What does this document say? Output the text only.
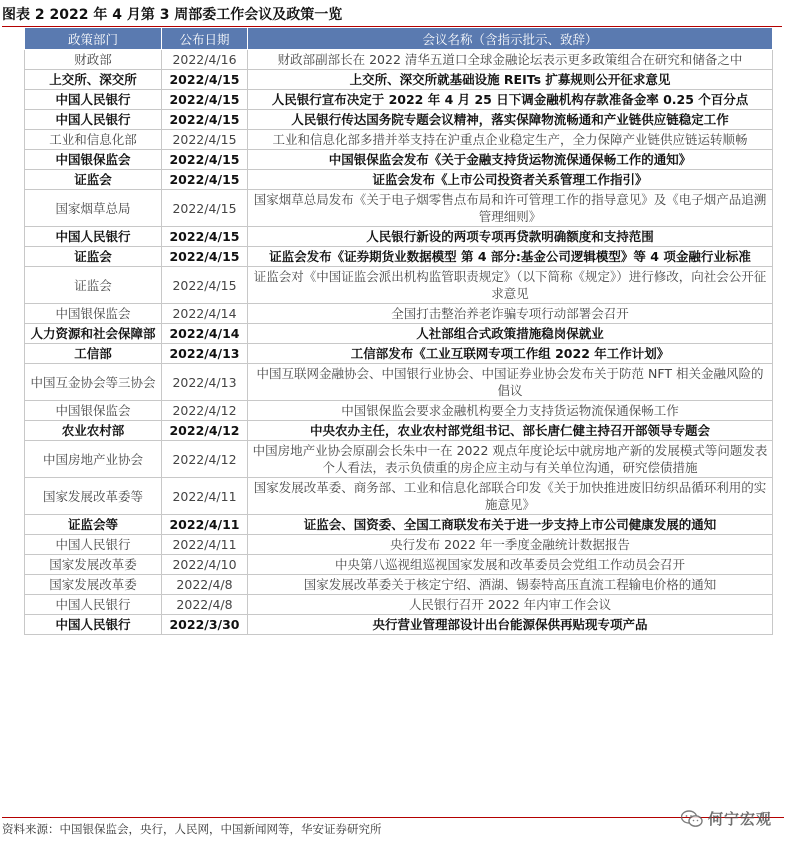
图表 2 2022 年 4 月第 3 周部委工作会议及政策一览
政策部门	公布日期	会议名称（含指示批示、致辞）
财政部	2022/4/16	财政部副部长在 2022 清华五道口全球金融论坛表示更多政策组合在研究和储备之中
上交所、深交所	2022/4/15	上交所、深交所就基础设施 REITs 扩募规则公开征求意见
中国人民银行	2022/4/15	人民银行宣布决定于 2022 年 4 月 25 日下调金融机构存款准备金率 0.25 个百分点
中国人民银行	2022/4/15	人民银行传达国务院专题会议精神，落实保障物流畅通和产业链供应链稳定工作
工业和信息化部	2022/4/15	工业和信息化部多措并举支持在沪重点企业稳定生产，全力保障产业链供应链运转顺畅
中国银保监会	2022/4/15	中国银保监会发布《关于金融支持货运物流保通保畅工作的通知》
证监会	2022/4/15	证监会发布《上市公司投资者关系管理工作指引》
国家烟草总局	2022/4/15	国家烟草总局发布《关于电子烟零售点布局和许可管理工作的指导意见》及《电子烟产品追溯管理细则》
中国人民银行	2022/4/15	人民银行新设的两项专项再贷款明确额度和支持范围
证监会	2022/4/15	证监会发布《证券期货业数据模型 第 4 部分:基金公司逻辑模型》等 4 项金融行业标准
证监会	2022/4/15	证监会对《中国证监会派出机构监管职责规定》（以下简称《规定》）进行修改，向社会公开征求意见
中国银保监会	2022/4/14	全国打击整治养老诈骗专项行动部署会召开
人力资源和社会保障部	2022/4/14	人社部组合式政策措施稳岗保就业
工信部	2022/4/13	工信部发布《工业互联网专项工作组 2022 年工作计划》
中国互金协会等三协会	2022/4/13	中国互联网金融协会、中国银行业协会、中国证券业协会发布关于防范 NFT 相关金融风险的倡议
中国银保监会	2022/4/12	中国银保监会要求金融机构要全力支持货运物流保通保畅工作
农业农村部	2022/4/12	中央农办主任，农业农村部党组书记、部长唐仁健主持召开部领导专题会
中国房地产业协会	2022/4/12	中国房地产业协会原副会长朱中一在 2022 观点年度论坛中就房地产新的发展模式等问题发表个人看法，表示负债重的房企应主动与有关单位沟通，研究偿债措施
国家发展改革委等	2022/4/11	国家发展改革委、商务部、工业和信息化部联合印发《关于加快推进废旧纺织品循环利用的实施意见》
证监会等	2022/4/11	证监会、国资委、全国工商联发布关于进一步支持上市公司健康发展的通知
中国人民银行	2022/4/11	央行发布 2022 年一季度金融统计数据报告
国家发展改革委	2022/4/10	中央第八巡视组巡视国家发展和改革委员会党组工作动员会召开
国家发展改革委	2022/4/8	国家发展改革委关于核定宁绍、酒湖、锡泰特高压直流工程输电价格的通知
中国人民银行	2022/4/8	人民银行召开 2022 年内审工作会议
中国人民银行	2022/3/30	央行营业管理部设计出台能源保供再贴现专项产品
资料来源：中国银保监会，央行，人民网，中国新闻网等，华安证券研究所
何宁宏观
